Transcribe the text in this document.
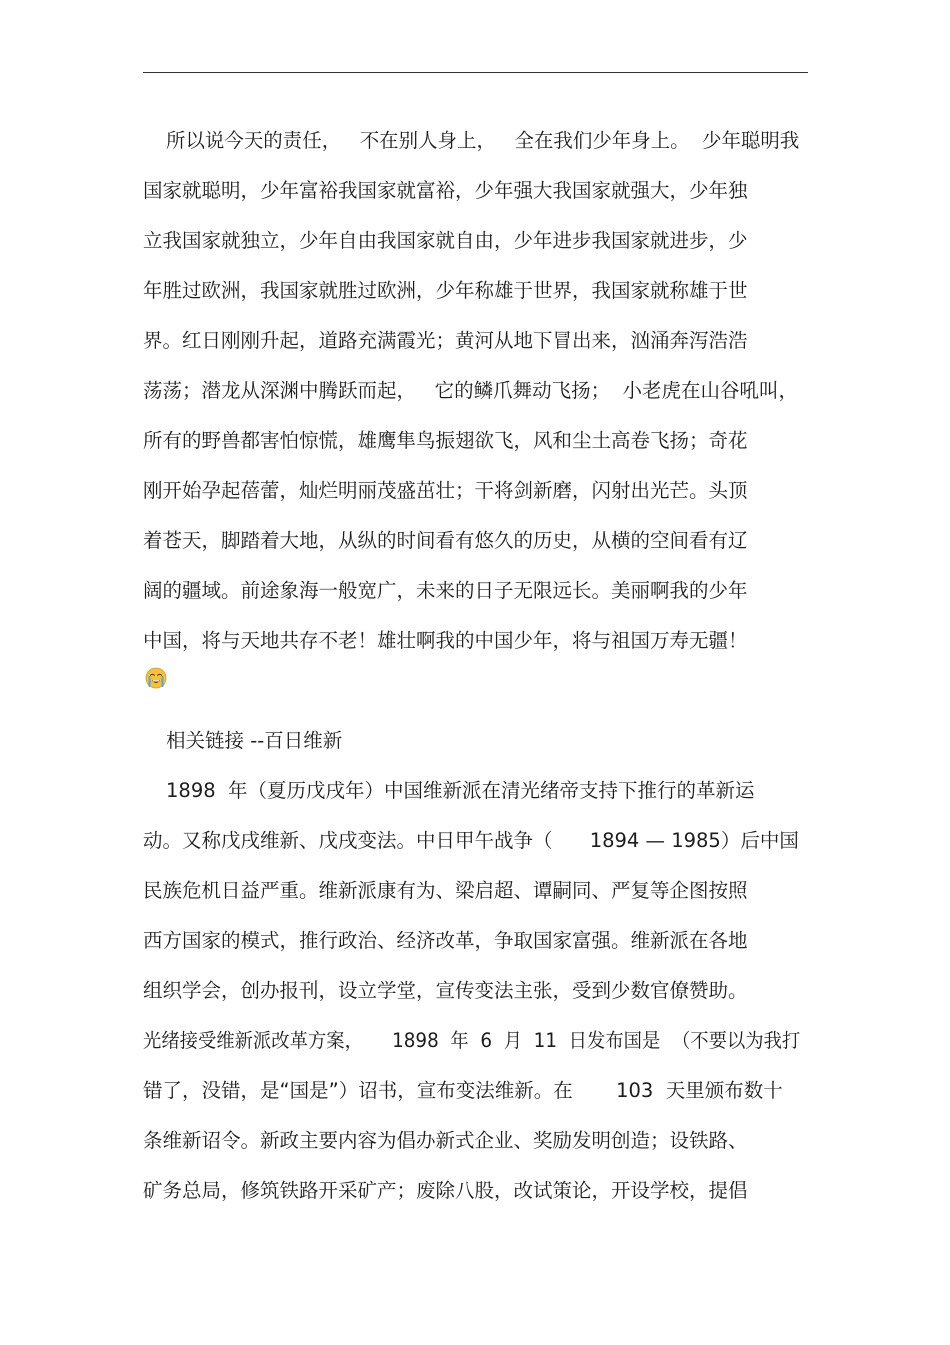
所以说今天的责任，   不在别人身上，   全在我们少年身上。  少年聪明我
国家就聪明，少年富裕我国家就富裕，少年强大我国家就强大，少年独
立我国家就独立，少年自由我国家就自由，少年进步我国家就进步，少
年胜过欧洲，我国家就胜过欧洲，少年称雄于世界，我国家就称雄于世
界。红日刚刚升起，道路充满霞光；黄河从地下冒出来，汹涌奔泻浩浩
荡荡；潜龙从深渊中腾跃而起，   它的鳞爪舞动飞扬；  小老虎在山谷吼叫，
所有的野兽都害怕惊慌，雄鹰隼鸟振翅欲飞，风和尘土高卷飞扬；奇花
刚开始孕起蓓蕾，灿烂明丽茂盛茁壮；干将剑新磨，闪射出光芒。头顶
着苍天，脚踏着大地，从纵的时间看有悠久的历史，从横的空间看有辽
阔的疆域。前途象海一般宽广，未来的日子无限远长。美丽啊我的少年
中国，将与天地共存不老！雄壮啊我的中国少年，将与祖国万寿无疆！
相关链接 --百日维新
1898  年（夏历戊戌年）中国维新派在清光绪帝支持下推行的革新运
动。又称戊戌维新、戊戌变法。中日甲午战争（      1894 — 1985）后中国
民族危机日益严重。维新派康有为、梁启超、谭嗣同、严复等企图按照
西方国家的模式，推行政治、经济改革，争取国家富强。维新派在各地
组织学会，创办报刊，设立学堂，宣传变法主张，受到少数官僚赞助。
光绪接受维新派改革方案，     1898  年  6  月  11  日发布国是  （不要以为我打
错了，没错，是“国是”）诏书，宣布变法维新。在       103  天里颁布数十
条维新诏令。新政主要内容为倡办新式企业、奖励发明创造；设铁路、
矿务总局，修筑铁路开采矿产；废除八股，改试策论，开设学校，提倡
